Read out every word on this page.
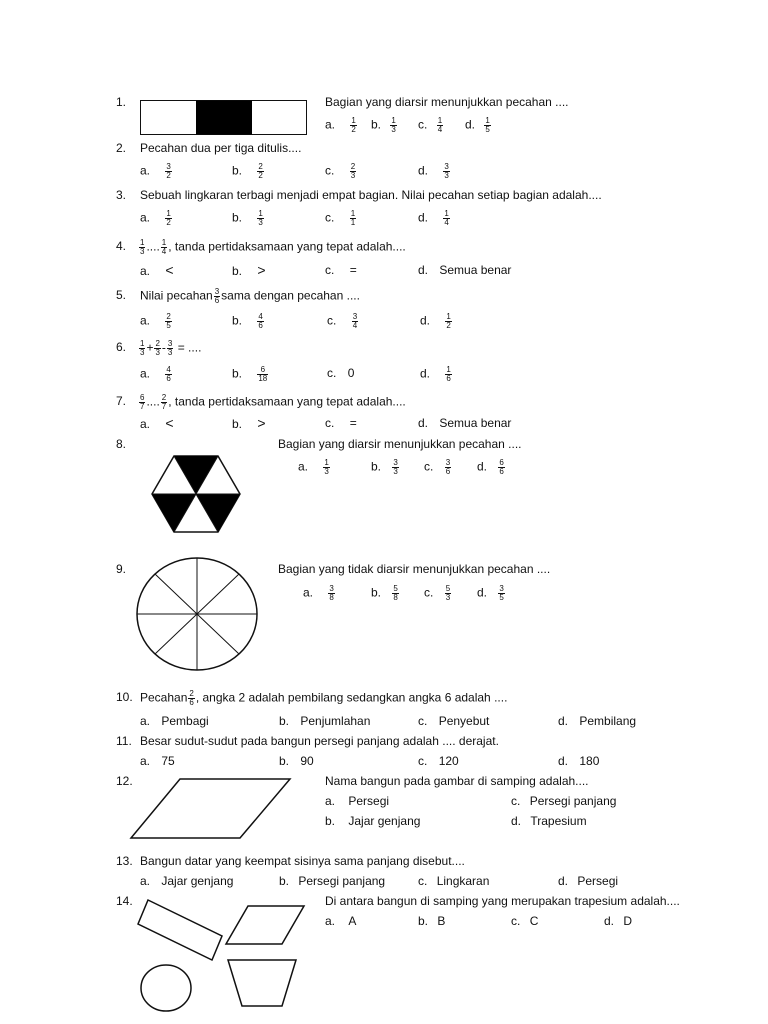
1.	Bagian yang diarsir menunjukkan pecahan ....
a. $\frac{1}{2} b$. $\frac{1}{3} c$. $\frac{1}{4} d$. $\frac{1}{5}$
2. Pecahan dua per tiga ditulis....
a. $\frac{3}{2}$	b. $\frac{2}{2}$	c. $\frac{2}{3}$	d. $\frac{3}{3}$
3. Sebuah lingkaran terbagi menjadi empat bagian. Nilai pecahan setiap bagian adalah....
a. $\frac{1}{2}$	b. $\frac{1}{3}$	c. $\frac{1}{1}$	d. $\frac{1}{4}$
4. $\frac{1}{3}$ .... $\frac{1}{4}$ , tanda pertidaksamaan yang tepat adalah....
a. <	b. >	c. =	d. Semua benar
5. Nilai pecahan $\frac{3}{6}$ sama dengan pecahan ....
a. $\frac{2}{5}$	b. $\frac{4}{6}$	c. $\frac{3}{4}$	d. $\frac{1}{2}$
6. $\frac{1}{3} + \frac{2}{3} - \frac{3}{3}$ = ....
a. $\frac{4}{6}$	b. $\frac{6}{18}$	c. 0	d. $\frac{1}{6}$
7. $\frac{6}{7}$ .... $\frac{2}{7}$ , tanda pertidaksamaan yang tepat adalah....
a. <	b. >	c. =	d. Semua benar
8.	Bagian yang diarsir menunjukkan pecahan ....
a. $\frac{1}{3}$	b. $\frac{3}{3} c$. $\frac{3}{6} d$. $\frac{6}{6}$
9.	Bagian yang tidak diarsir menunjukkan pecahan ....
a. $\frac{3}{8}$	b. $\frac{5}{8} c$. $\frac{5}{3} d$. $\frac{3}{5}$
10. Pecahan $\frac{2}{6}$ , angka 2 adalah pembilang sedangkan angka 6 adalah ....
a. Pembagi	b. Penjumlahan	c. Penyebut	d. Pembilang
11. Besar sudut-sudut pada bangun persegi panjang adalah .... derajat.
a. 75	b. 90	c. 120	d. 180
12.	Nama bangun pada gambar di samping adalah....
a. Persegi	c. Persegi panjang
b. Jajar genjang	d. Trapesium
13. Bangun datar yang keempat sisinya sama panjang disebut....
a. Jajar genjang	b. Persegi panjang	c. Lingkaran	d. Persegi
14.	Di antara bangun di samping yang merupakan trapesium adalah....
a. A	b. B	c. C	d. D
